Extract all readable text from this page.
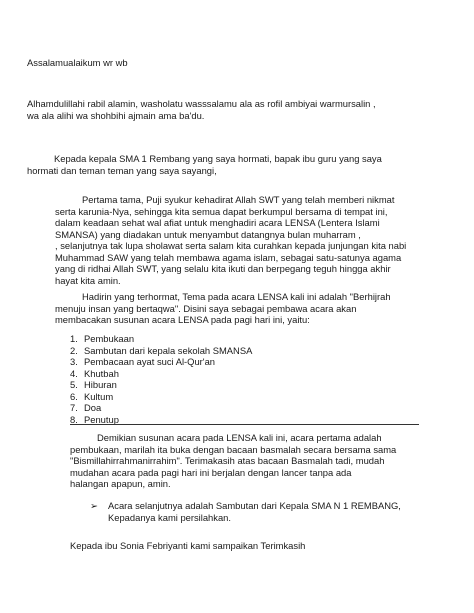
Assalamualaikum wr wb
Alhamdulillahi rabil alamin, washolatu wasssalamu ala as rofil ambiyai warmursalin ,
wa ala alihi wa shohbihi ajmain ama ba'du.
Kepada kepala SMA 1 Rembang yang saya hormati, bapak ibu guru yang saya
hormati dan teman teman yang saya sayangi,
Pertama tama, Puji syukur kehadirat Allah SWT yang telah memberi nikmat
serta karunia-Nya, sehingga kita semua dapat berkumpul bersama di tempat ini,
dalam keadaan sehat wal afiat untuk menghadiri acara LENSA (Lentera Islami
SMANSA) yang diadakan untuk menyambut datangnya bulan muharram ,
, selanjutnya tak lupa sholawat serta salam kita curahkan kepada junjungan kita nabi
Muhammad SAW yang telah membawa agama islam, sebagai satu-satunya agama
yang di ridhai Allah SWT, yang selalu kita ikuti dan berpegang teguh hingga akhir
hayat kita amin.
Hadirin yang terhormat, Tema pada acara LENSA kali ini adalah "Berhijrah
menuju insan yang bertaqwa". Disini saya sebagai pembawa acara akan
membacakan susunan acara LENSA pada pagi hari ini, yaitu:
1. Pembukaan
2. Sambutan dari kepala sekolah SMANSA
3. Pembacaan ayat suci Al-Qur'an
4. Khutbah
5. Hiburan
6. Kultum
7. Doa
8. Penutup
Demikian susunan acara pada LENSA kali ini, acara pertama adalah
pembukaan, marilah ita buka dengan bacaan basmalah secara bersama sama
"Bismillahirrahmanirrahim". Terimakasih atas bacaan Basmalah tadi, mudah
mudahan acara pada pagi hari ini berjalan dengan lancer tanpa ada
halangan apapun, amin.
➢ Acara selanjutnya adalah Sambutan dari Kepala SMA N 1 REMBANG,
Kepadanya kami persilahkan.
Kepada ibu Sonia Febriyanti kami sampaikan Terimkasih
